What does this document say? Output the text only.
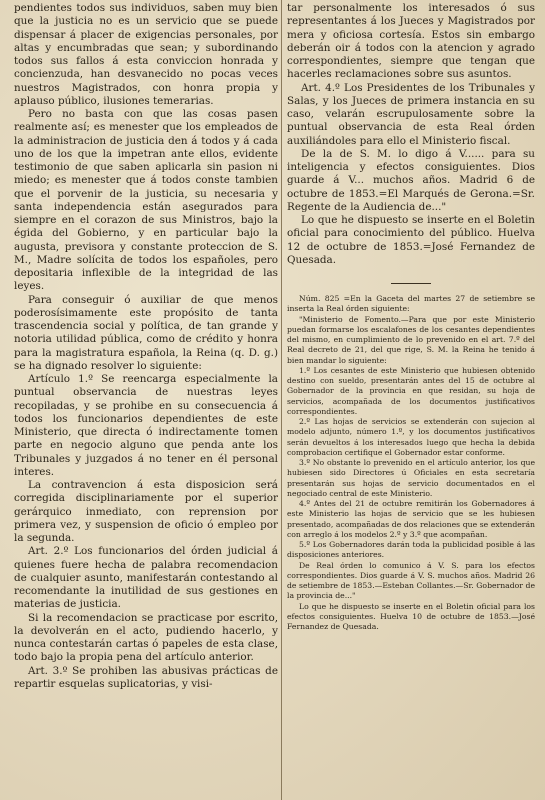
pendientes todos sus individuos, saben muy bien que la justicia no es un servicio que se puede dispensar á placer de exigencias personales, por altas y encumbradas que sean; y subordinando todos sus fallos á esta conviccion honrada y concienzuda, han desvanecido no pocas veces nuestros Magistrados, con honra propia y aplauso público, ilusiones temerarias.

Pero no basta con que las cosas pasen realmente así; es menester que los empleados de la administracion de justicia den á todos y á cada uno de los que la impetran ante ellos, evidente testimonio de que saben aplicarla sin pasion ni miedo; es menester que á todos conste tambien que el porvenir de la justicia, su necesaria y santa independencia están asegurados para siempre en el corazon de sus Ministros, bajo la égida del Gobierno, y en particular bajo la augusta, previsora y constante proteccion de S. M., Madre solícita de todos los españoles, pero depositaria inflexible de la integridad de las leyes.

Para conseguir ó auxiliar de que menos poderosísimamente este propósito de tanta trascendencia social y política, de tan grande y notoria utilidad pública, como de crédito y honra para la magistratura española, la Reina (q. D. g.) se ha dignado resolver lo siguiente:

Artículo 1.º Se reencarga especialmente la puntual observancia de nuestras leyes recopiladas, y se prohibe en su consecuencia á todos los funcionarios dependientes de este Ministerio, que directa ó indirectamente tomen parte en negocio alguno que penda ante los Tribunales y juzgados á no tener en él personal interes.

La contravencion á esta disposicion será corregida disciplinariamente por el superior gerárquico inmediato, con reprension por primera vez, y suspension de oficio ó empleo por la segunda.

Art. 2.º Los funcionarios del órden judicial á quienes fuere hecha de palabra recomendacion de cualquier asunto, manifestarán contestando al recomendante la inutilidad de sus gestiones en materias de justicia.

Si la recomendacion se practicase por escrito, la devolverán en el acto, pudiendo hacerlo, y nunca contestarán cartas ó papeles de esta clase, todo bajo la propia pena del artículo anterior.

Art. 3.º Se prohiben las abusivas prácticas de repartir esquelas suplicatorias, y visi-

tar personalmente los interesados ó sus representantes á los Jueces y Magistrados por mera y oficiosa cortesía. Estos sin embargo deberán oir á todos con la atencion y agrado correspondientes, siempre que tengan que hacerles reclamaciones sobre sus asuntos.

Art. 4.º Los Presidentes de los Tribunales y Salas, y los Jueces de primera instancia en su caso, velarán escrupulosamente sobre la puntual observancia de esta Real órden auxiliándoles para ello el Ministerio fiscal.

De la de S. M. lo digo á V...... para su inteligencia y efectos consiguientes. Dios guarde á V... muchos años. Madrid 6 de octubre de 1853.=El Marqués de Gerona.=Sr. Regente de la Audiencia de..."

Lo que he dispuesto se inserte en el Boletin oficial para conocimiento del público. Huelva 12 de octubre de 1853.=José Fernandez de Quesada.

Núm. 825 =En la Gaceta del martes 27 de setiembre se inserta la Real órden siguiente:

"Ministerio de Fomento.—Para que por este Ministerio puedan formarse los escalafones de los cesantes dependientes del mismo, en cumplimiento de lo prevenido en el art. 7.º del Real decreto de 21, del que rige, S. M. la Reina he tenido á bien mandar lo siguiente:

1.º Los cesantes de este Ministerio que hubiesen obtenido destino con sueldo, presentarán antes del 15 de octubre al Gobernador de la provincia en que residan, su hoja de servicios, acompañada de los documentos justificativos correspondientes.

2.º Las hojas de servicios se extenderán con sujecion al modelo adjunto, número 1.º, y los documentos justificativos serán devueltos á los interesados luego que hecha la debida comprobacion certifique el Gobernador estar conforme.

3.º No obstante lo prevenido en el artículo anterior, los que hubiesen sido Directores ú Oficiales en esta secretaría presentarán sus hojas de servicio documentados en el negociado central de este Ministerio.

4.º Antes del 21 de octubre remitirán los Gobernadores á este Ministerio las hojas de servicio que se les hubiesen presentado, acompañadas de dos relaciones que se extenderán con arreglo á los modelos 2.º y 3.º que acompañan.

5.º Los Gobernadores darán toda la publicidad posible á las disposiciones anteriores.

De Real órden lo comunico á V. S. para los efectos correspondientes. Dios guarde á V. S. muchos años. Madrid 26 de setiembre de 1853.—Esteban Collantes.—Sr. Gobernador de la provincia de..."

Lo que he dispuesto se inserte en el Boletin oficial para los efectos consiguientes. Huelva 10 de octubre de 1853.—José Fernandez de Quesada.
